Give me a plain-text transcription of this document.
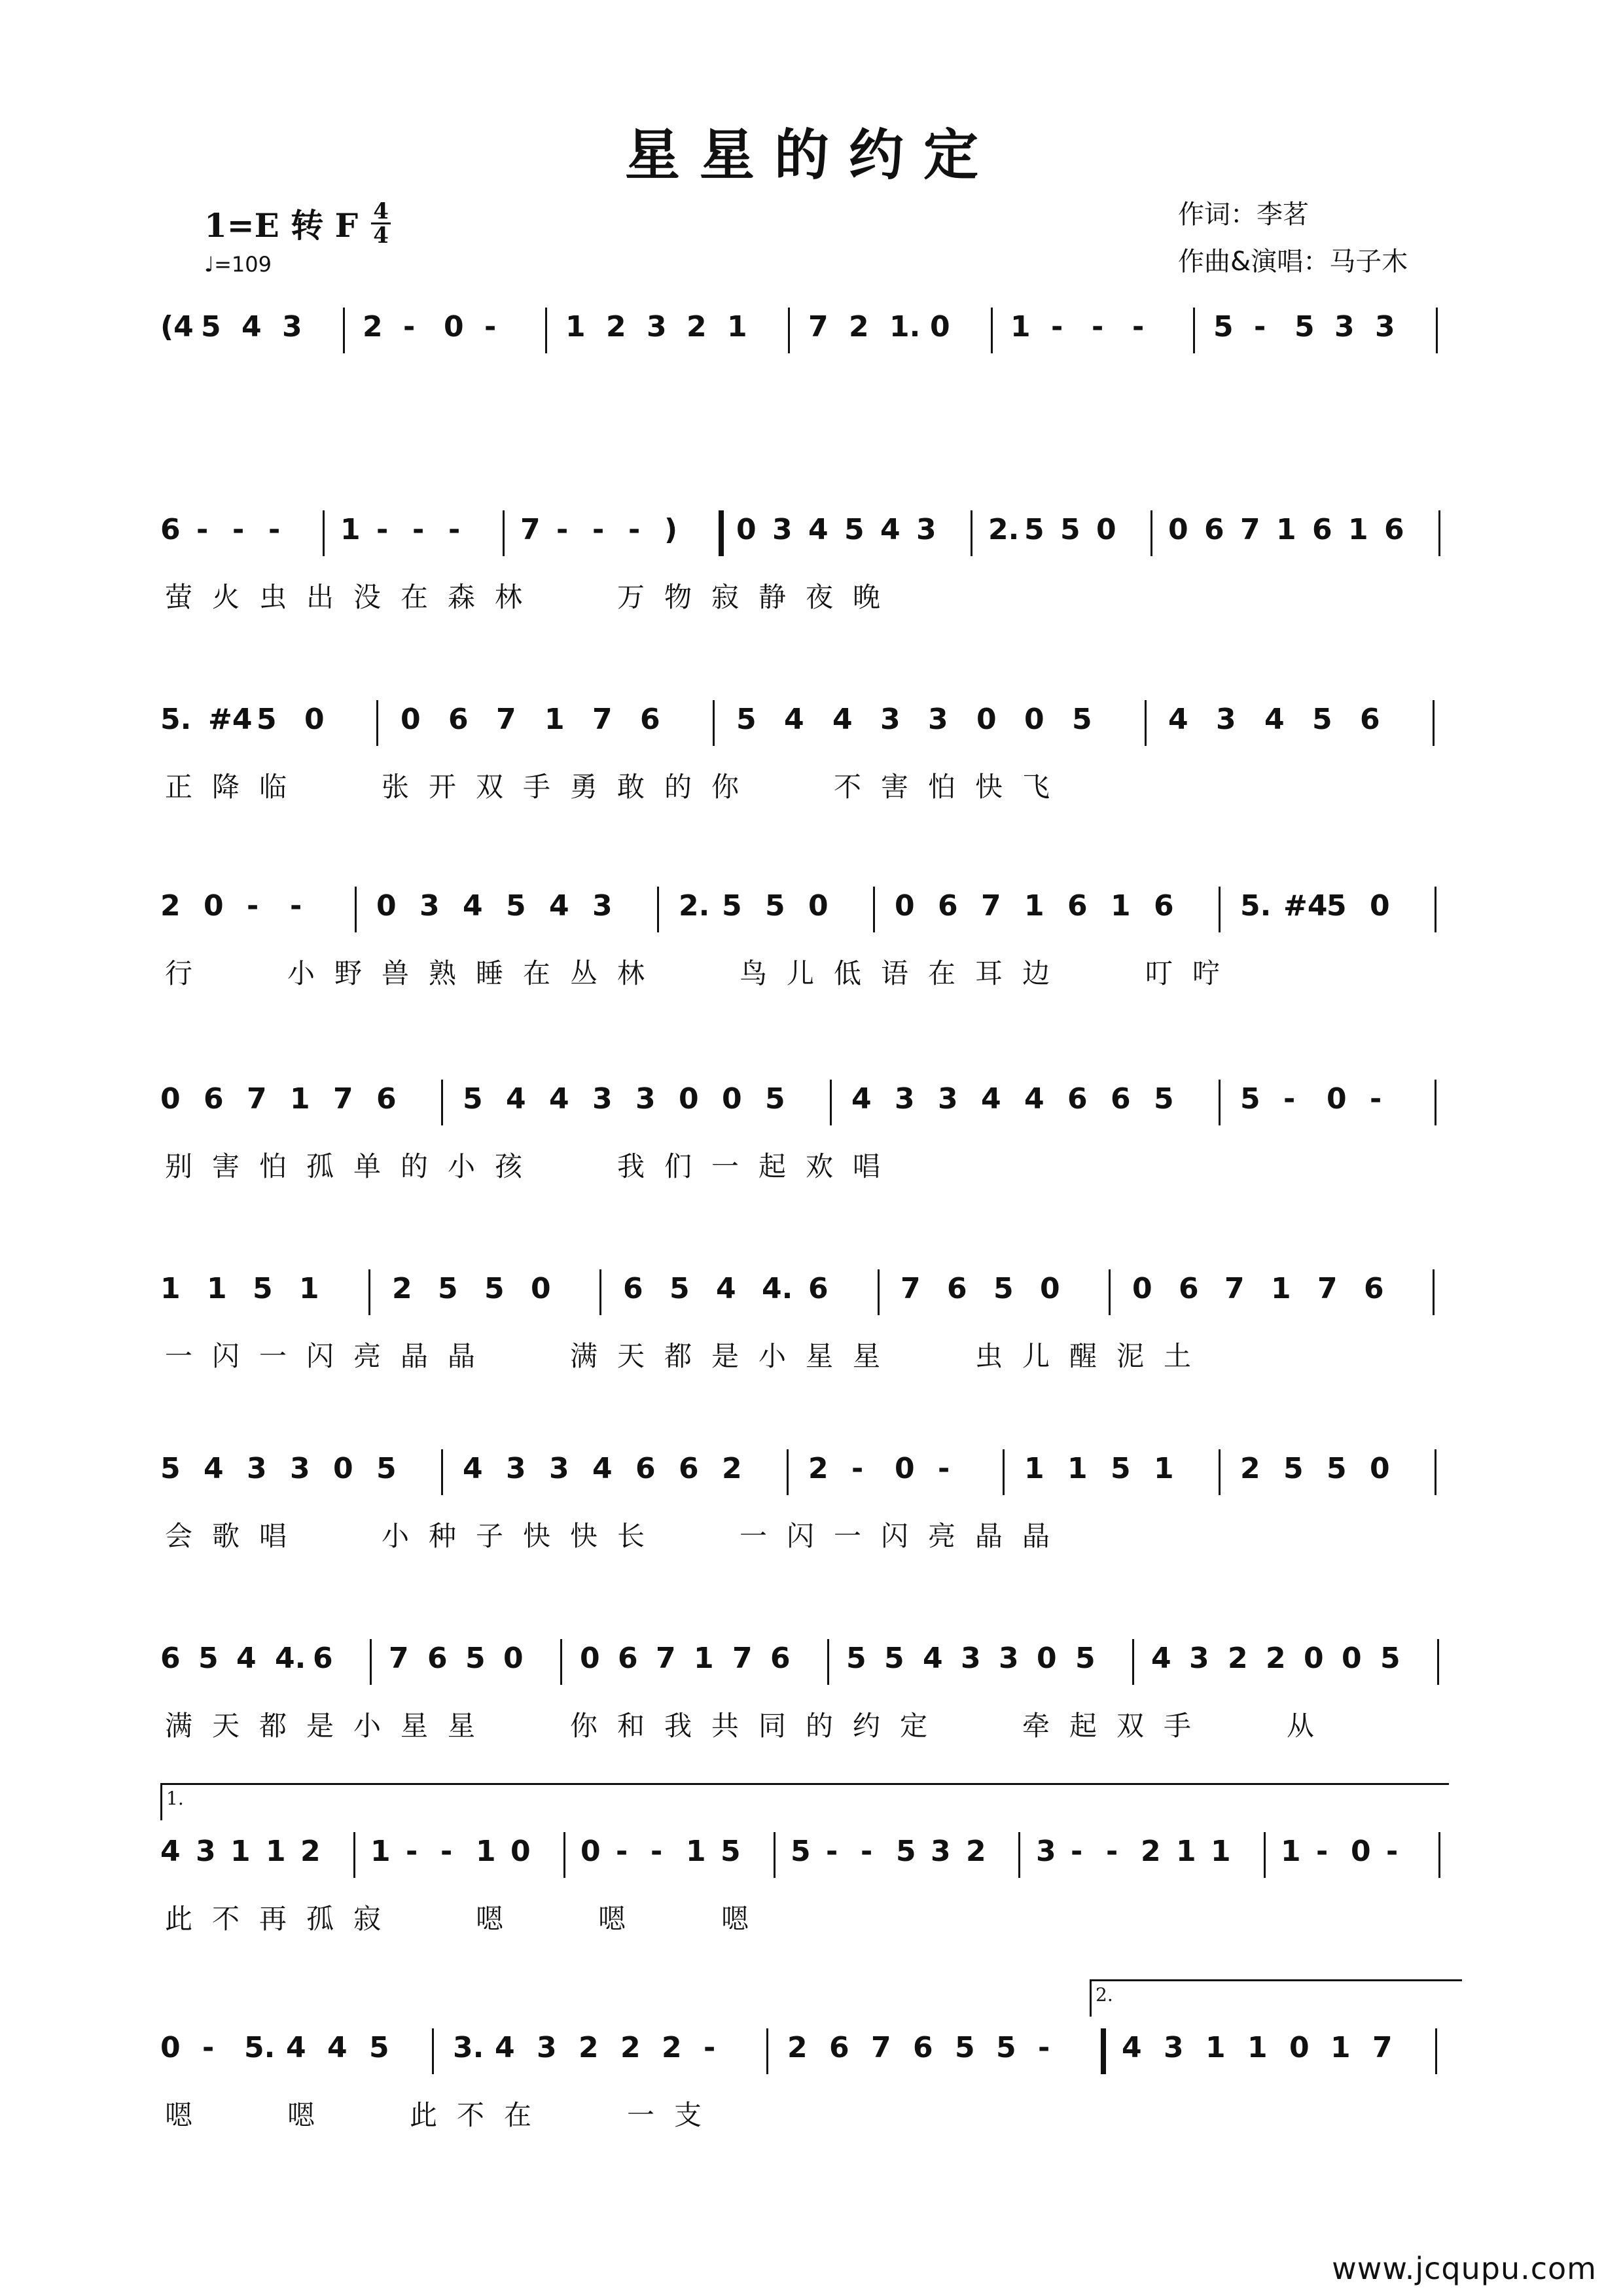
星星的约定
1=E 转 F 4
4
♩=109
作词：李茗
作曲&演唱：马子木
(4 5 4 3 2 - 0 - 1 2 3 2 1 7 2 1. 0 1 - - - 5 - 5 3 3
6 - - - 1 - - - 7 - - - ) 0 3 4 5 4 3 2. 5 5 0 0 6 7 1 6 1 6
萤 火 虫 出 没 在 森 林	万 物 寂 静 夜 晚
5. #4 5 0	0 6 7 1 7 6	5 4 4 3 3 0 0 5	4 3 4 5 6
正 降 临	张 开 双 手 勇 敢 的 你	不 害 怕 快 飞
2 0 - -	0 3 4 5 4 3 2. 5 5 0 0 6 7 1 6 1 6 5. #4
5 0
行	小 野 兽 熟 睡 在 丛 林	鸟 儿 低 语 在 耳 边	叮 咛
0 6 7 1 7 6 5 4 4 3 3 0 0 5 4 3 3 4 4 6 6 5 5 - 0 -
别 害 怕 孤 单 的 小 孩	我 们 一 起 欢 唱
1 1 5 1	2 5 5 0	6 5 4 4. 6	7 6 5 0	0 6 7 1 7 6
一 闪 一 闪 亮 晶 晶	满 天 都 是 小 星 星	虫 儿 醒 泥 土
5 4 3 3 0 5 4 3 3 4 6 6 2 2 - 0 -	1 1 5 1 2 5 5 0
会 歌 唱	小 种 子 快 快 长	一 闪 一 闪 亮 晶 晶
6 5 4 4. 6 7 6 5 0 0 6 7 1 7 6 5 5 4 3 3 0 5 4 3 2 2 0 0 5
满 天 都 是 小 星 星	你 和 我 共 同 的 约 定	牵 起 双 手	从
1.
4 3 1 1 2 1 - - 1 0 0 - - 1 5 5 - - 5 3 2 3 - - 2 1 1 1 - 0 -
此 不 再 孤 寂	嗯	嗯	嗯
2.
0 - 5. 4 4 5 3. 4 3 2 2 2 - 2 6 7 6 5 5 - 4 3 1 1 0 1 7
嗯	嗯	此 不 在	一 支
www.jcqupu.com
